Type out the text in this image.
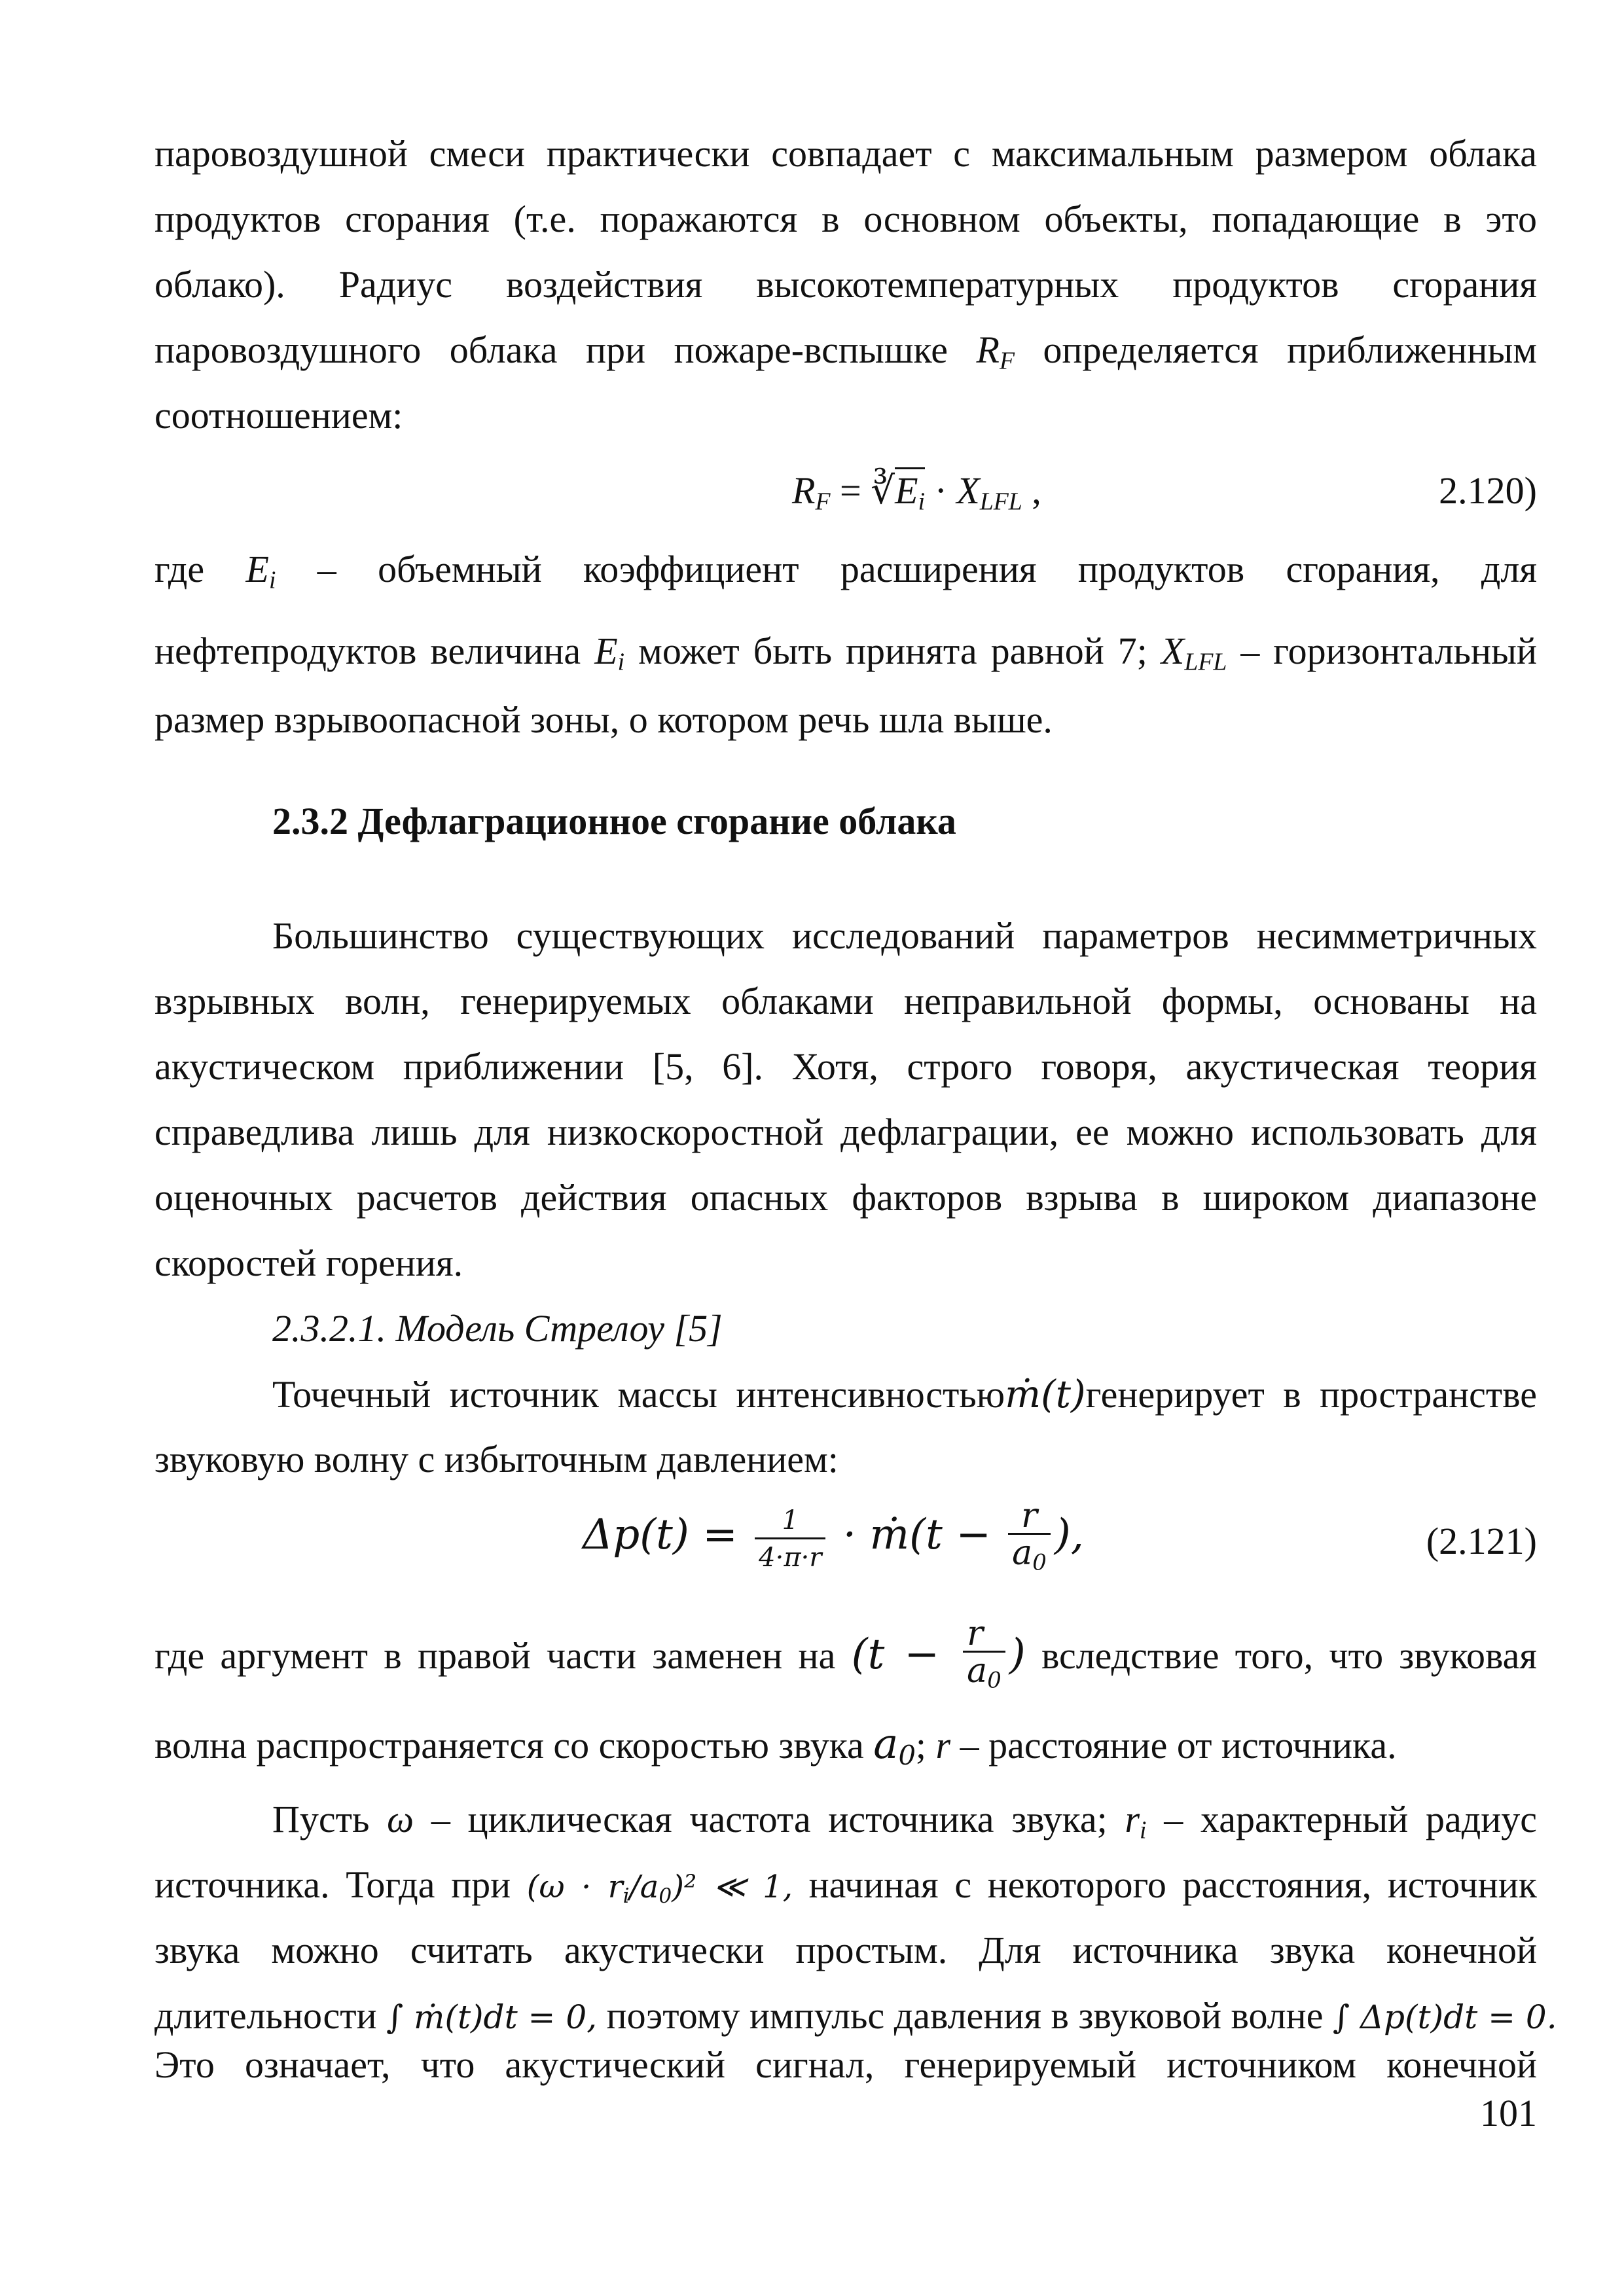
паровоздушной смеси практически совпадает с максимальным размером облака
продуктов сгорания (т.е. поражаются в основном объекты, попадающие в это
облако). Радиус воздействия высокотемпературных продуктов сгорания
паровоздушного облака при пожаре-вспышке $R_F$ определяется приближенным
соотношением:
$R_F$ = $∛E_i \cdot X_{LFL}$ ,	2.120)
где $E_i$ – объемный коэффициент расширения продуктов сгорания, для
нефтепродуктов величина $E_i$ может быть принята равной 7; $X_{LFL}$ – горизонтальный
размер взрывоопасной зоны, о котором речь шла выше.
2.3.2 Дефлаграционное сгорание облака
Большинство существующих исследований параметров несимметричных
взрывных волн, генерируемых облаками неправильной формы, основаны на
акустическом приближении [5, 6]. Хотя, строго говоря, акустическая теория
справедлива лишь для низкоскоростной дефлаграции, ее можно использовать для
оценочных расчетов действия опасных факторов взрыва в широком диапазоне
скоростей горения.
2.3.2.1. Модель Стрелоу [5]
Точечный источник массы интенсивностьюṁ(t)генерирует в пространстве
звуковую волну с избыточным давлением:
$\Delta p(t) = \frac{1}{4\cdot\pi\cdot r}$ · ṁ(t − $\frac{r}{a_0}$ ),	(2.121)
где аргумент в правой части заменен на ($t - \frac{r}{a_0}$ ) вследствие того, что звуковая
волна распространяется со скоростью звука $a_0$; r – расстояние от источника.
Пусть ω – циклическая частота источника звука; $r_i$ – характерный радиус
источника. Тогда при $(\omega \cdot r_i/a_0)^2$ ≪ 1, начиная с некоторого расстояния, источник
звука можно считать акустически простым. Для источника звука конечной
длительности ∫ ṁ(t)dt = 0, поэтому импульс давления в звуковой волне ∫ Δp(t)dt = 0.
Это означает, что акустический сигнал, генерируемый источником конечной
101
